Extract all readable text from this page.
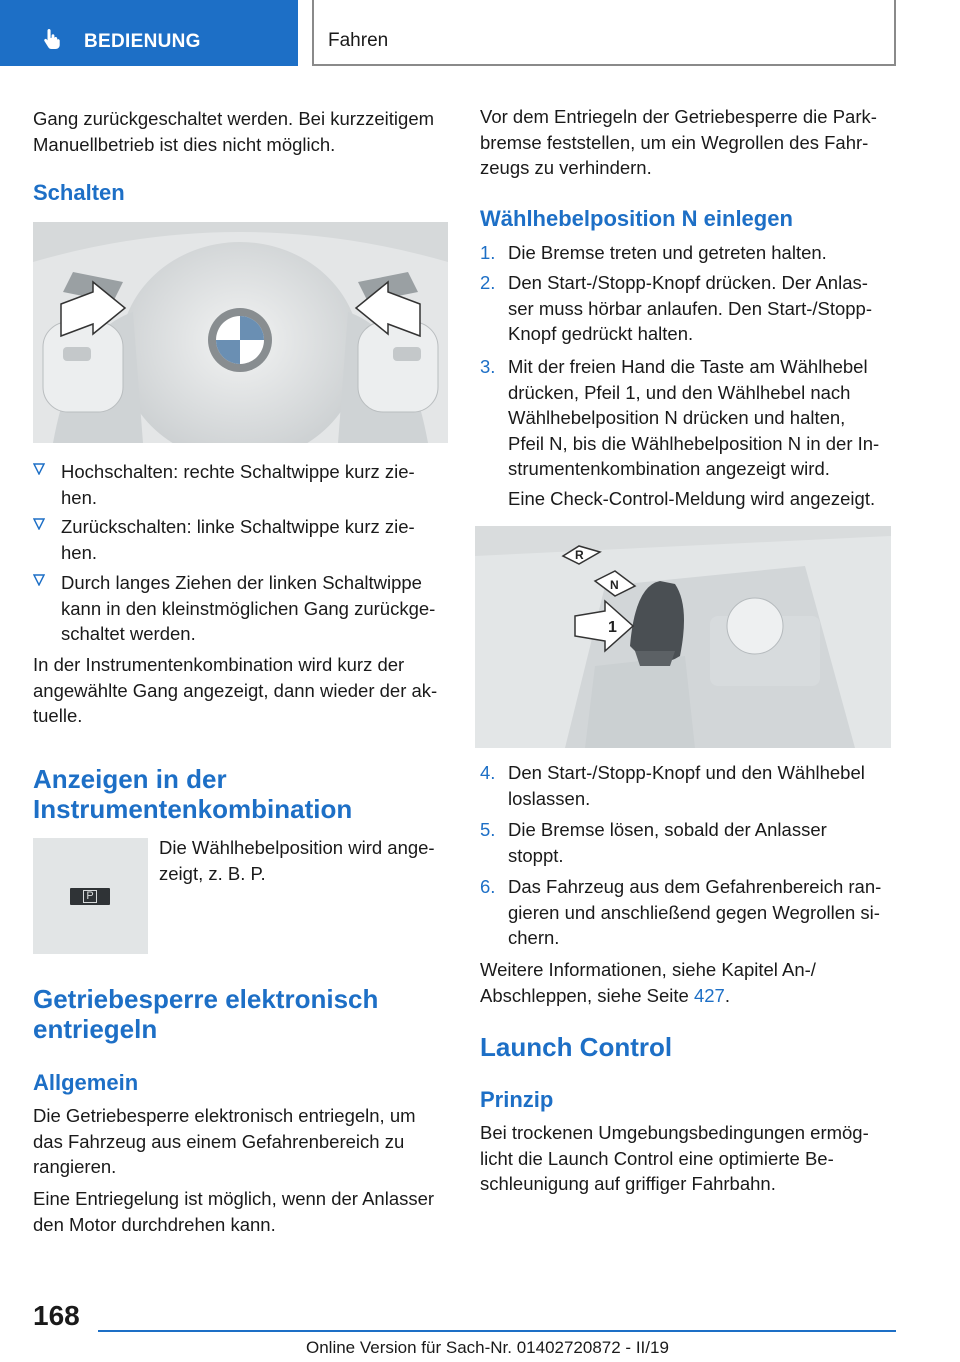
BEDIENUNG	Fahren
Gang zurückgeschaltet werden. Bei kurzzeitigem
Manuellbetrieb ist dies nicht möglich.
Schalten
Hochschalten: rechte Schaltwippe kurz zie-
hen.
Zurückschalten: linke Schaltwippe kurz zie-
hen.
Durch langes Ziehen der linken Schaltwippe
kann in den kleinstmöglichen Gang zurückge-
schaltet werden.
In der Instrumentenkombination wird kurz der
angewählte Gang angezeigt, dann wieder der ak-
tuelle.
Anzeigen in der
Instrumentenkombination
P
Die Wählhebelposition wird ange-
zeigt, z. B. P.
Getriebesperre elektronisch
entriegeln
Allgemein
Die Getriebesperre elektronisch entriegeln, um
das Fahrzeug aus einem Gefahrenbereich zu
rangieren.
Eine Entriegelung ist möglich, wenn der Anlasser
den Motor durchdrehen kann.
Vor dem Entriegeln der Getriebesperre die Park-
bremse feststellen, um ein Wegrollen des Fahr-
zeugs zu verhindern.
Wählhebelposition N einlegen
1. Die Bremse treten und getreten halten.
2. Den Start-/Stopp-Knopf drücken. Der Anlas-
ser muss hörbar anlaufen. Den Start-/Stopp-
Knopf gedrückt halten.
3. Mit der freien Hand die Taste am Wählhebel
drücken, Pfeil 1, und den Wählhebel nach
Wählhebelposition N drücken und halten,
Pfeil N, bis die Wählhebelposition N in der In-
strumentenkombination angezeigt wird.
Eine Check-Control-Meldung wird angezeigt.
R
N
1
4. Den Start-/Stopp-Knopf und den Wählhebel
loslassen.
5. Die Bremse lösen, sobald der Anlasser
stoppt.
6. Das Fahrzeug aus dem Gefahrenbereich ran-
gieren und anschließend gegen Wegrollen si-
chern.
Weitere Informationen, siehe Kapitel An-/
Abschleppen, siehe Seite 427.
Launch Control
Prinzip
Bei trockenen Umgebungsbedingungen ermög-
licht die Launch Control eine optimierte Be-
schleunigung auf griffiger Fahrbahn.
168
Online Version für Sach-Nr. 01402720872 - II/19
